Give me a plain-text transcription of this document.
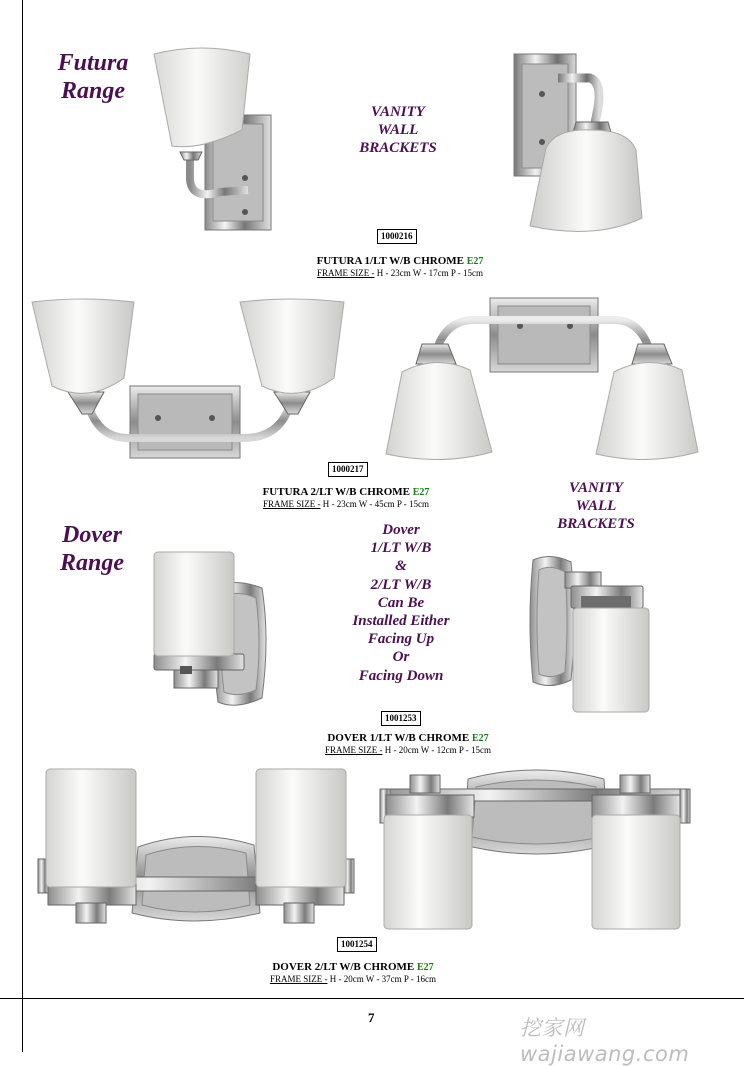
Futura
Range
VANITY
WALL
BRACKETS
1000216
FUTURA 1/LT W/B CHROME E27
FRAME SIZE - H - 23cm W - 17cm P - 15cm
1000217
FUTURA 2/LT W/B CHROME E27
FRAME SIZE - H - 23cm W - 45cm P - 15cm
Dover
Range
VANITY
WALL
BRACKETS
Dover
1/LT W/B
&
2/LT W/B
Can Be
Installed Either
Facing Up
Or
Facing Down
1001253
DOVER 1/LT W/B CHROME E27
FRAME SIZE - H - 20cm W - 12cm P - 15cm
1001254
DOVER 2/LT W/B CHROME E27
FRAME SIZE - H - 20cm W - 37cm P - 16cm
7	挖家网 wajiawang.com
